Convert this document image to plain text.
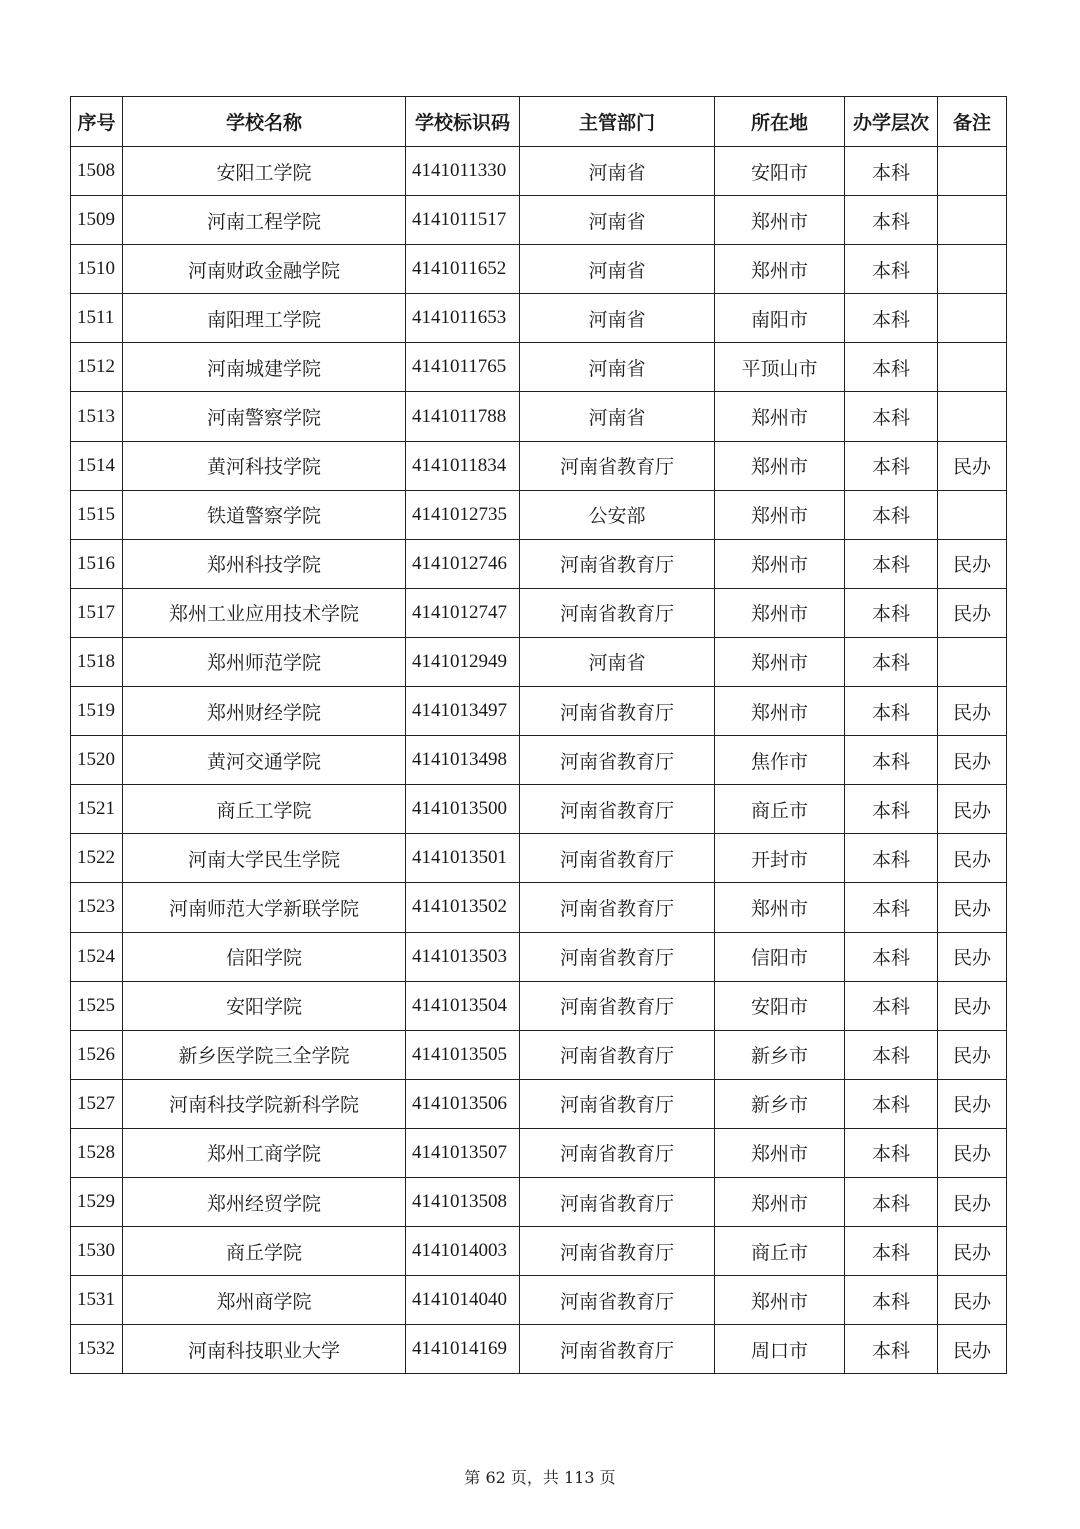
序号	学校名称	学校标识码	主管部门	所在地	办学层次	备注
1508	安阳工学院	4141011330	河南省	安阳市	本科	
1509	河南工程学院	4141011517	河南省	郑州市	本科	
1510	河南财政金融学院	4141011652	河南省	郑州市	本科	
1511	南阳理工学院	4141011653	河南省	南阳市	本科	
1512	河南城建学院	4141011765	河南省	平顶山市	本科	
1513	河南警察学院	4141011788	河南省	郑州市	本科	
1514	黄河科技学院	4141011834	河南省教育厅	郑州市	本科	民办
1515	铁道警察学院	4141012735	公安部	郑州市	本科	
1516	郑州科技学院	4141012746	河南省教育厅	郑州市	本科	民办
1517	郑州工业应用技术学院	4141012747	河南省教育厅	郑州市	本科	民办
1518	郑州师范学院	4141012949	河南省	郑州市	本科	
1519	郑州财经学院	4141013497	河南省教育厅	郑州市	本科	民办
1520	黄河交通学院	4141013498	河南省教育厅	焦作市	本科	民办
1521	商丘工学院	4141013500	河南省教育厅	商丘市	本科	民办
1522	河南大学民生学院	4141013501	河南省教育厅	开封市	本科	民办
1523	河南师范大学新联学院	4141013502	河南省教育厅	郑州市	本科	民办
1524	信阳学院	4141013503	河南省教育厅	信阳市	本科	民办
1525	安阳学院	4141013504	河南省教育厅	安阳市	本科	民办
1526	新乡医学院三全学院	4141013505	河南省教育厅	新乡市	本科	民办
1527	河南科技学院新科学院	4141013506	河南省教育厅	新乡市	本科	民办
1528	郑州工商学院	4141013507	河南省教育厅	郑州市	本科	民办
1529	郑州经贸学院	4141013508	河南省教育厅	郑州市	本科	民办
1530	商丘学院	4141014003	河南省教育厅	商丘市	本科	民办
1531	郑州商学院	4141014040	河南省教育厅	郑州市	本科	民办
1532	河南科技职业大学	4141014169	河南省教育厅	周口市	本科	民办
第 62 页，共 113 页
